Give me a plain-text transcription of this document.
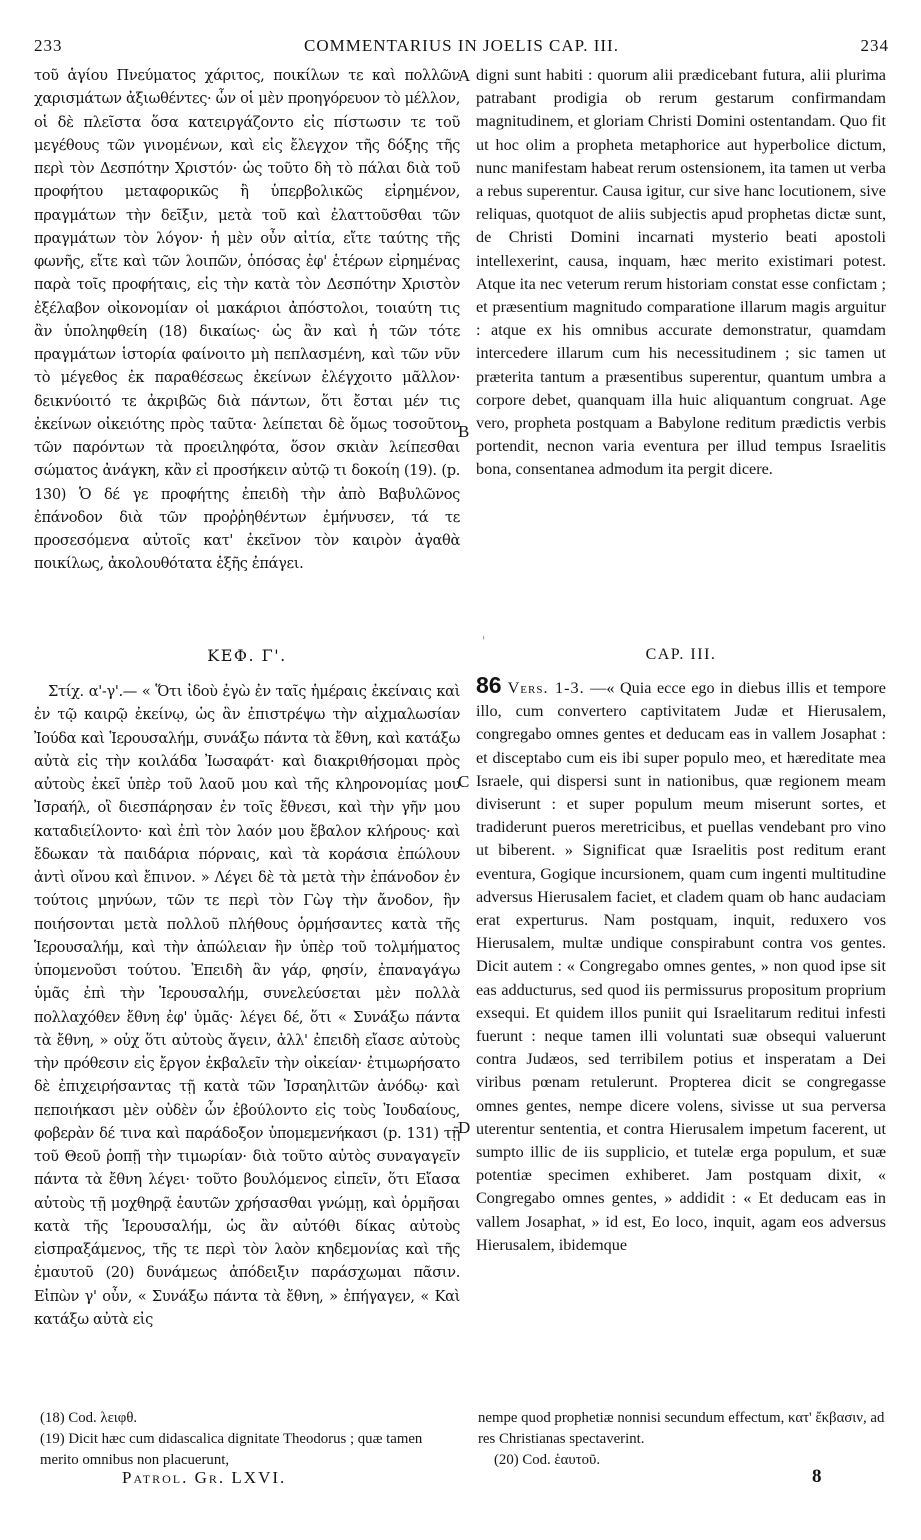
233	COMMENTARIUS IN JOELIS CAP. III.	234

τοῦ ἁγίου Πνεύματος χάριτος, ποικίλων τε καὶ πολλῶν χαρισμάτων ἀξιωθέντες· ὧν οἱ μὲν προηγόρευον τὸ μέλλον, οἱ δὲ πλεῖστα ὅσα κατειργάζοντο εἰς πίστωσιν τε τοῦ μεγέθους τῶν γινομένων, καὶ εἰς ἔλεγχον τῆς δόξης τῆς περὶ τὸν Δεσπότην Χριστόν· ὡς τοῦτο δὴ τὸ πάλαι διὰ τοῦ προφήτου μεταφορικῶς ἢ ὑπερβολικῶς εἰρημένον, πραγμάτων τὴν δεῖξιν, μετὰ τοῦ καὶ ἐλαττοῦσθαι τῶν πραγμάτων τὸν λόγον· ἡ μὲν οὖν αἰτία, εἴτε ταύτης τῆς φωνῆς, εἴτε καὶ τῶν λοιπῶν, ὁπόσας ἐφ' ἑτέρων εἰρημένας παρὰ τοῖς προφήταις, εἰς τὴν κατὰ τὸν Δεσπότην Χριστὸν ἐξέλαβον οἰκονομίαν οἱ μακάριοι ἀπόστολοι, τοιαύτη τις ἂν ὑποληφθείη (18) δικαίως· ὡς ἂν καὶ ἡ τῶν τότε πραγμάτων ἱστορία φαίνοιτο μὴ πεπλασμένη, καὶ τῶν νῦν τὸ μέγεθος ἐκ παραθέσεως ἐκείνων ἐλέγχοιτο μᾶλλον· δεικνύοιτό τε ἀκριβῶς διὰ πάντων, ὅτι ἔσται μέν τις ἐκείνων οἰκειότης πρὸς ταῦτα· λείπεται δὲ ὅμως τοσοῦτον τῶν παρόντων τὰ προειληφότα, ὅσον σκιὰν λείπεσθαι σώματος ἀνάγκη, κἂν εἰ προσήκειν αὐτῷ τι δοκοίη (19). (p. 130) Ὁ δέ γε προφήτης ἐπειδὴ τὴν ἀπὸ Βαβυλῶνος ἐπάνοδον διὰ τῶν προῤῥηθέντων ἐμήνυσεν, τά τε προσεσόμενα αὐτοῖς κατ' ἐκεῖνον τὸν καιρὸν ἀγαθὰ ποικίλως, ἀκολουθότατα ἑξῆς ἐπάγει.

digni sunt habiti : quorum alii prædicebant futura, alii plurima patrabant prodigia ob rerum gestarum confirmandam magnitudinem, et gloriam Christi Domini ostentandam. Quo fit ut hoc olim a propheta metaphorice aut hyperbolice dictum, nunc manifestam habeat rerum ostensionem, ita tamen ut verba a rebus superentur. Causa igitur, cur sive hanc locutionem, sive reliquas, quotquot de aliis subjectis apud prophetas dictæ sunt, de Christi Domini incarnati mysterio beati apostoli intellexerint, causa, inquam, hæc merito existimari potest. Atque ita nec veterum rerum historiam constat esse confictam ; et præsentium magnitudo comparatione illarum magis arguitur : atque ex his omnibus accurate demonstratur, quamdam intercedere illarum cum his necessitudinem ; sic tamen ut præterita tantum a præsentibus superentur, quantum umbra a corpore debet, quanquam illa huic aliquantum congruat. Age vero, propheta postquam a Babylone reditum prædictis verbis portendit, necnon varia eventura per illud tempus Israelitis bona, consentanea admodum ita pergit dicere.

A
B
'
ΚΕΦ. Γ'.	CAP. III.

Στίχ. α'-γ'.— « Ὅτι ἰδοὺ ἐγὼ ἐν ταῖς ἡμέραις ἐκείναις καὶ ἐν τῷ καιρῷ ἐκείνῳ, ὡς ἂν ἐπιστρέψω τὴν αἰχμαλωσίαν Ἰούδα καὶ Ἱερουσαλήμ, συνάξω πάντα τὰ ἔθνη, καὶ κατάξω αὐτὰ εἰς τὴν κοιλάδα Ἰωσαφάτ· καὶ διακριθήσομαι πρὸς αὐτοὺς ἐκεῖ ὑπὲρ τοῦ λαοῦ μου καὶ τῆς κληρονομίας μου Ἰσραήλ, οἳ διεσπάρησαν ἐν τοῖς ἔθνεσι, καὶ τὴν γῆν μου καταδιείλοντο· καὶ ἐπὶ τὸν λαόν μου ἔβαλον κλήρους· καὶ ἔδωκαν τὰ παιδάρια πόρναις, καὶ τὰ κοράσια ἐπώλουν ἀντὶ οἴνου καὶ ἔπινον. » Λέγει δὲ τὰ μετὰ τὴν ἐπάνοδον ἐν τούτοις μηνύων, τῶν τε περὶ τὸν Γὼγ τὴν ἄνοδον, ἣν ποιήσονται μετὰ πολλοῦ πλήθους ὁρμήσαντες κατὰ τῆς Ἱερουσαλήμ, καὶ τὴν ἀπώλειαν ἣν ὑπὲρ τοῦ τολμήματος ὑπομενοῦσι τούτου. Ἐπειδὴ ἂν γάρ, φησίν, ἐπαναγάγω ὑμᾶς ἐπὶ τὴν Ἱερουσαλήμ, συνελεύσεται μὲν πολλὰ πολλαχόθεν ἔθνη ἐφ' ὑμᾶς· λέγει δέ, ὅτι « Συνάξω πάντα τὰ ἔθνη, » οὐχ ὅτι αὐτοὺς ἄγειν, ἀλλ' ἐπειδὴ εἴασε αὐτοὺς τὴν πρόθεσιν εἰς ἔργον ἐκβαλεῖν τὴν οἰκείαν· ἐτιμωρήσατο δὲ ἐπιχειρήσαντας τῇ κατὰ τῶν Ἰσραηλιτῶν ἀνόδῳ· καὶ πεποιήκασι μὲν οὐδὲν ὧν ἐβούλοντο εἰς τοὺς Ἰουδαίους, φοβερὰν δέ τινα καὶ παράδοξον ὑπομεμενήκασι (p. 131) τῇ τοῦ Θεοῦ ῥοπῇ τὴν τιμωρίαν· διὰ τοῦτο αὐτὸς συναγαγεῖν πάντα τὰ ἔθνη λέγει· τοῦτο βουλόμενος εἰπεῖν, ὅτι Εἴασα αὐτοὺς τῇ μοχθηρᾷ ἑαυτῶν χρήσασθαι γνώμῃ, καὶ ὁρμῆσαι κατὰ τῆς Ἱερουσαλήμ, ὡς ἂν αὐτόθι δίκας αὐτοὺς εἰσπραξάμενος, τῆς τε περὶ τὸν λαὸν κηδεμονίας καὶ τῆς ἐμαυτοῦ (20) δυνάμεως ἀπόδειξιν παράσχωμαι πᾶσιν. Εἰπὼν γ' οὖν, « Συνάξω πάντα τὰ ἔθνη, » ἐπήγαγεν, « Καὶ κατάξω αὐτὰ εἰς

86 Vers. 1-3. —« Quia ecce ego in diebus illis et tempore illo, cum convertero captivitatem Judæ et Hierusalem, congregabo omnes gentes et deducam eas in vallem Josaphat : et disceptabo cum eis ibi super populo meo, et hæreditate mea Israele, qui dispersi sunt in nationibus, quæ regionem meam diviserunt : et super populum meum miserunt sortes, et tradiderunt pueros meretricibus, et puellas vendebant pro vino ut biberent. » Significat quæ Israelitis post reditum erant eventura, Gogique incursionem, quam cum ingenti multitudine adversus Hierusalem faciet, et cladem quam ob hanc audaciam erat experturus. Nam postquam, inquit, reduxero vos Hierusalem, multæ undique conspirabunt contra vos gentes. Dicit autem : « Congregabo omnes gentes, » non quod ipse sit eas adducturus, sed quod iis permissurus propositum proprium exsequi. Et quidem illos puniit qui Israelitarum reditui infesti fuerunt : neque tamen illi voluntati suæ obsequi valuerunt contra Judæos, sed terribilem potius et insperatam a Dei viribus pœnam retulerunt. Propterea dicit se congregasse omnes gentes, nempe dicere volens, sivisse ut sua perversa uterentur sententia, et contra Hierusalem impetum facerent, ut sumpto illic de iis supplicio, et tutelæ erga populum, et suæ potentiæ specimen exhiberet. Jam postquam dixit, « Congregabo omnes gentes, » addidit : « Et deducam eas in vallem Josaphat, » id est, Eo loco, inquit, agam eos adversus Hierusalem, ibidemque

C
D

(18) Cod. λειφθ.

(19) Dicit hæc cum didascalica dignitate Theodorus ; quæ tamen merito omnibus non placuerunt,

nempe quod prophetiæ nonnisi secundum effectum, κατ' ἔκβασιν, ad res Christianas spectaverint.

(20) Cod. ἑαυτοῦ.

Patrol. Gr. LXVI.	8
